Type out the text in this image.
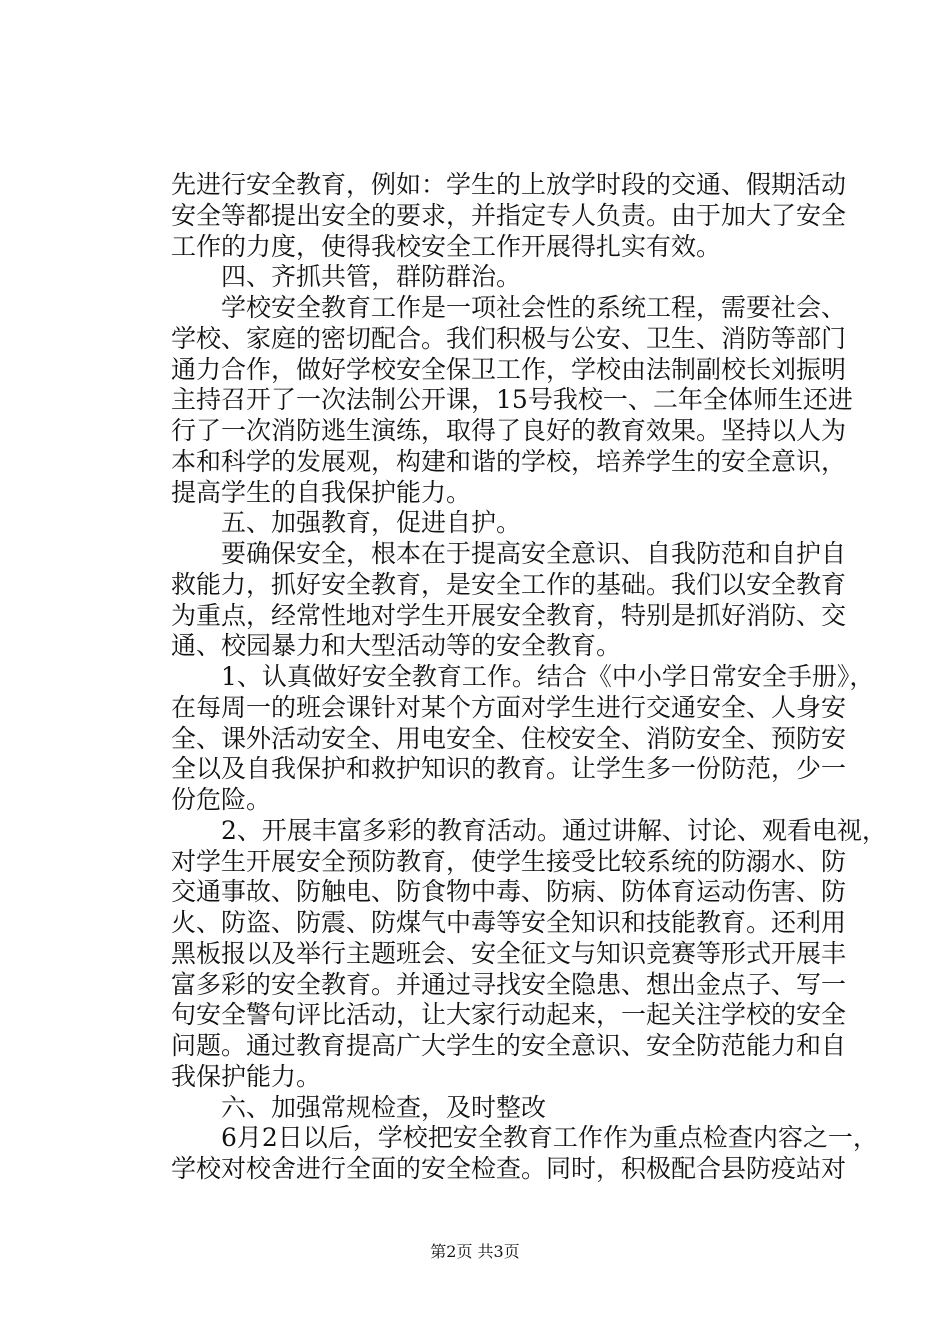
先进行安全教育，例如：学生的上放学时段的交通、假期活动
安全等都提出安全的要求，并指定专人负责。由于加大了安全
工作的力度，使得我校安全工作开展得扎实有效。
　　四、齐抓共管，群防群治。
　　学校安全教育工作是一项社会性的系统工程，需要社会、
学校、家庭的密切配合。我们积极与公安、卫生、消防等部门
通力合作，做好学校安全保卫工作，学校由法制副校长刘振明
主持召开了一次法制公开课，15号我校一、二年全体师生还进
行了一次消防逃生演练，取得了良好的教育效果。坚持以人为
本和科学的发展观，构建和谐的学校，培养学生的安全意识，
提高学生的自我保护能力。
　　五、加强教育，促进自护。
　　要确保安全，根本在于提高安全意识、自我防范和自护自
救能力，抓好安全教育，是安全工作的基础。我们以安全教育
为重点，经常性地对学生开展安全教育，特别是抓好消防、交
通、校园暴力和大型活动等的安全教育。
　　1、认真做好安全教育工作。结合《中小学日常安全手册》，
在每周一的班会课针对某个方面对学生进行交通安全、人身安
全、课外活动安全、用电安全、住校安全、消防安全、预防安
全以及自我保护和救护知识的教育。让学生多一份防范，少一
份危险。
　　2、开展丰富多彩的教育活动。通过讲解、讨论、观看电视，
对学生开展安全预防教育，使学生接受比较系统的防溺水、防
交通事故、防触电、防食物中毒、防病、防体育运动伤害、防
火、防盗、防震、防煤气中毒等安全知识和技能教育。还利用
黑板报以及举行主题班会、安全征文与知识竞赛等形式开展丰
富多彩的安全教育。并通过寻找安全隐患、想出金点子、写一
句安全警句评比活动，让大家行动起来，一起关注学校的安全
问题。通过教育提高广大学生的安全意识、安全防范能力和自
我保护能力。
　　六、加强常规检查，及时整改
　　6月2日以后，学校把安全教育工作作为重点检查内容之一，
学校对校舍进行全面的安全检查。同时，积极配合县防疫站对
第2页 共3页
